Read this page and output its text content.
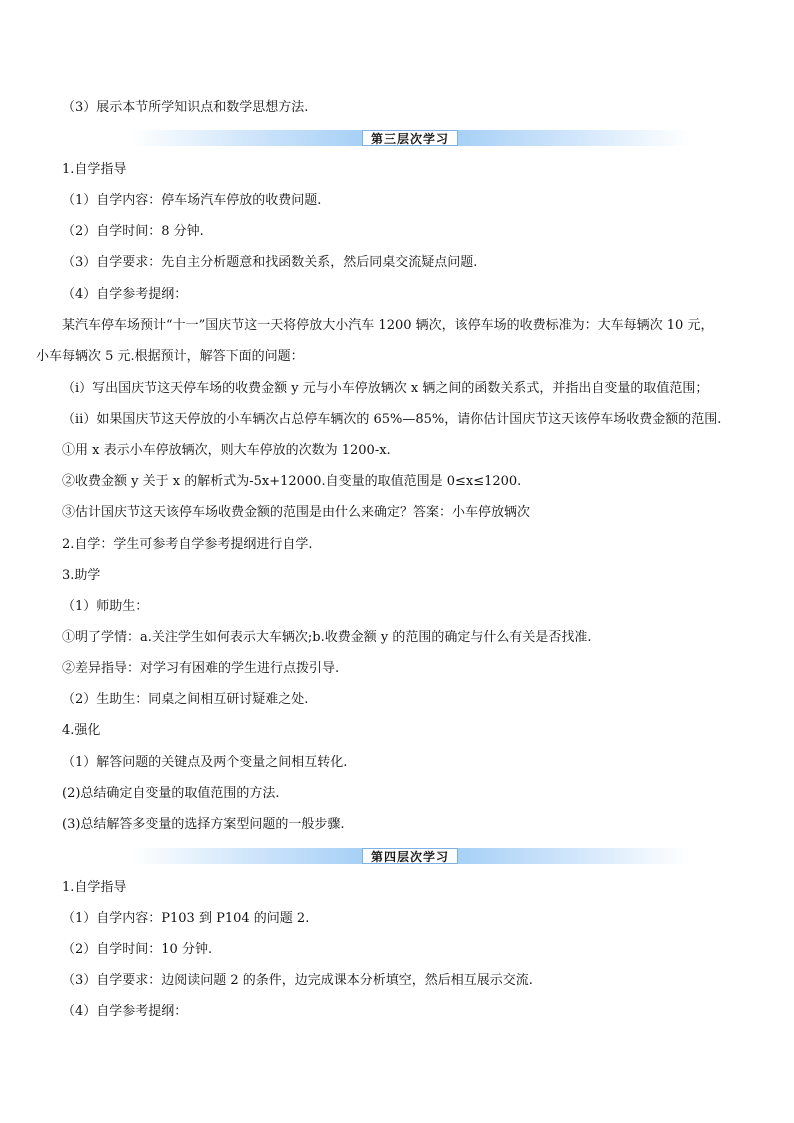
（3）展示本节所学知识点和数学思想方法.
第三层次学习
1.自学指导
（1）自学内容：停车场汽车停放的收费问题.
（2）自学时间：8 分钟.
（3）自学要求：先自主分析题意和找函数关系，然后同桌交流疑点问题.
（4）自学参考提纲：
某汽车停车场预计“十一”国庆节这一天将停放大小汽车 1200 辆次，该停车场的收费标准为：大车每辆次 10 元，
小车每辆次 5 元.根据预计，解答下面的问题：
（ⅰ）写出国庆节这天停车场的收费金额 y 元与小车停放辆次 x 辆之间的函数关系式，并指出自变量的取值范围；
（ⅱ）如果国庆节这天停放的小车辆次占总停车辆次的 65%—85%，请你估计国庆节这天该停车场收费金额的范围.
①用 x 表示小车停放辆次，则大车停放的次数为 1200-x.
②收费金额 y 关于 x 的解析式为-5x+12000.自变量的取值范围是 0≤x≤1200.
③估计国庆节这天该停车场收费金额的范围是由什么来确定？答案：小车停放辆次
2.自学：学生可参考自学参考提纲进行自学.
3.助学
（1）师助生：
①明了学情：a.关注学生如何表示大车辆次;b.收费金额 y 的范围的确定与什么有关是否找准.
②差异指导：对学习有困难的学生进行点拨引导.
（2）生助生：同桌之间相互研讨疑难之处.
4.强化
（1）解答问题的关键点及两个变量之间相互转化.
(2)总结确定自变量的取值范围的方法.
(3)总结解答多变量的选择方案型问题的一般步骤.
第四层次学习
1.自学指导
（1）自学内容：P103 到 P104 的问题 2.
（2）自学时间：10 分钟.
（3）自学要求：边阅读问题 2 的条件，边完成课本分析填空，然后相互展示交流.
（4）自学参考提纲：
